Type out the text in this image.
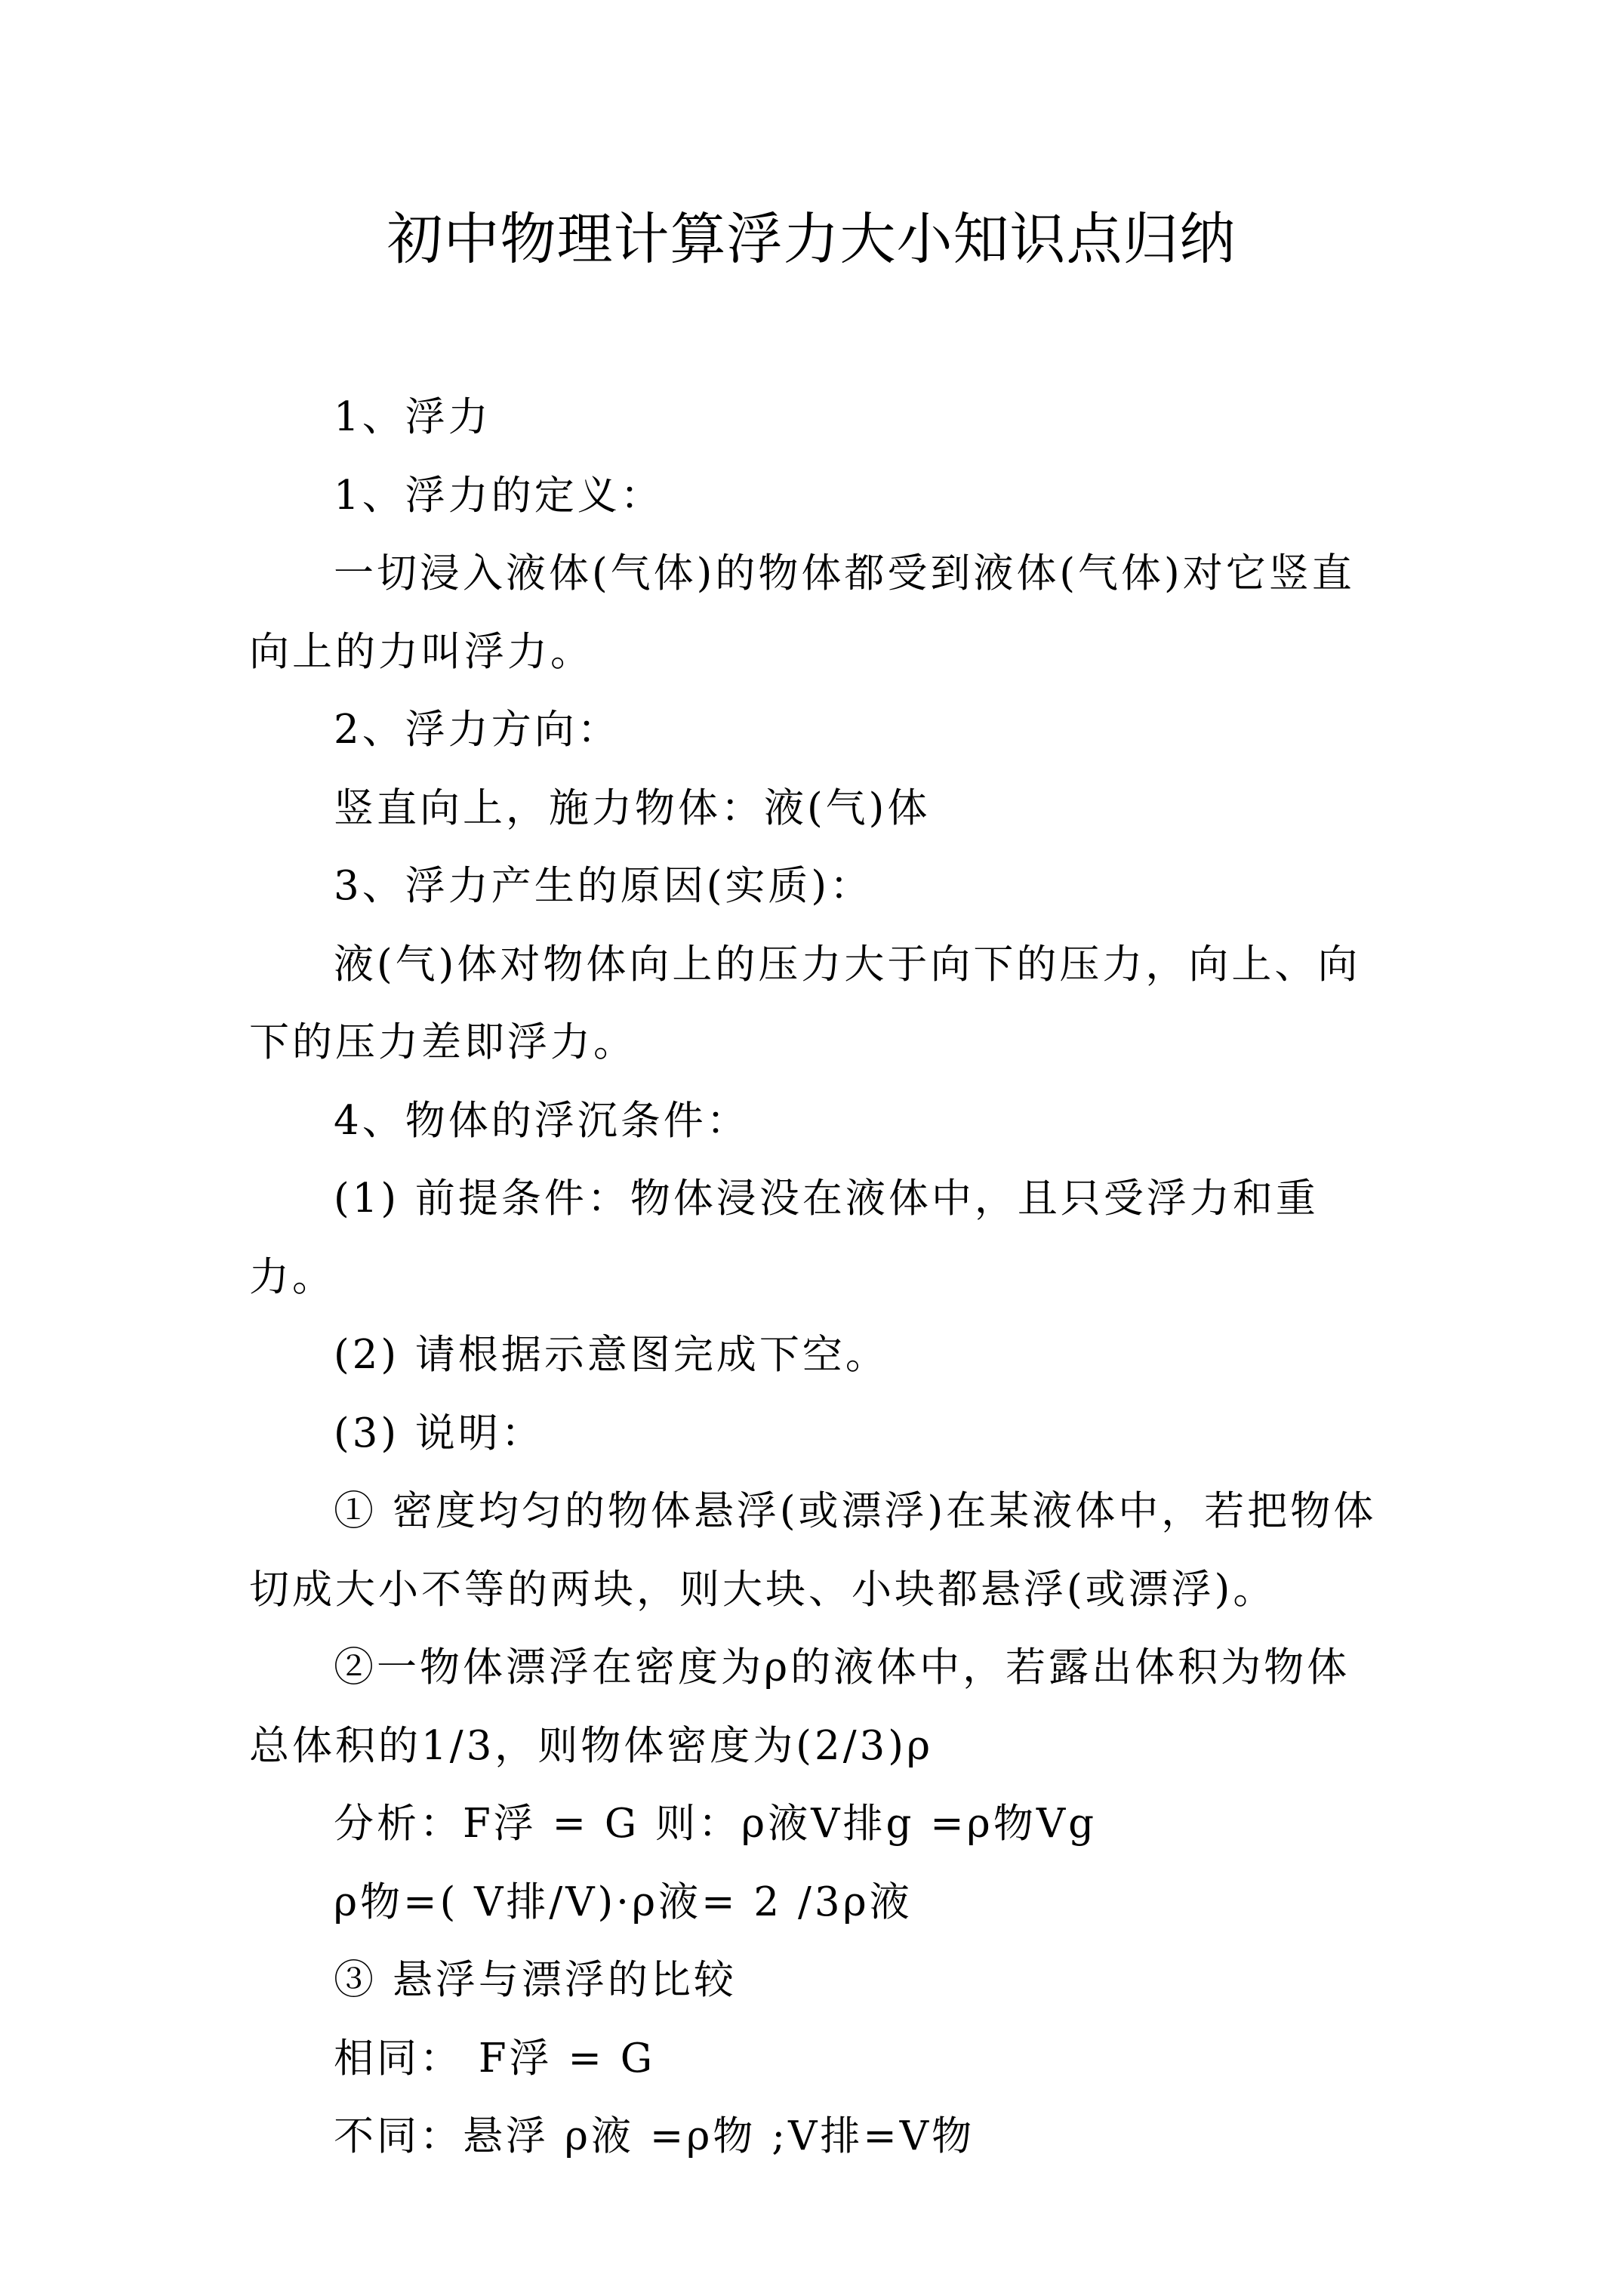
初中物理计算浮力大小知识点归纳

1、浮力

1、浮力的定义：

一切浸入液体(气体)的物体都受到液体(气体)对它竖直向上的力叫浮力。

2、浮力方向：

竖直向上，施力物体：液(气)体

3、浮力产生的原因(实质)：

液(气)体对物体向上的压力大于向下的压力，向上、向下的压力差即浮力。

4、物体的浮沉条件：

(1) 前提条件：物体浸没在液体中，且只受浮力和重力。

(2) 请根据示意图完成下空。

(3) 说明：

① 密度均匀的物体悬浮(或漂浮)在某液体中，若把物体切成大小不等的两块，则大块、小块都悬浮(或漂浮)。

②一物体漂浮在密度为ρ的液体中，若露出体积为物体总体积的1/3，则物体密度为(2/3)ρ

分析：F浮 = G 则：ρ液V排g =ρ物Vg

ρ物=( V排/V)·ρ液= 2 /3ρ液

③ 悬浮与漂浮的比较

相同： F浮 = G

不同：悬浮 ρ液 =ρ物 ;V排=V物
